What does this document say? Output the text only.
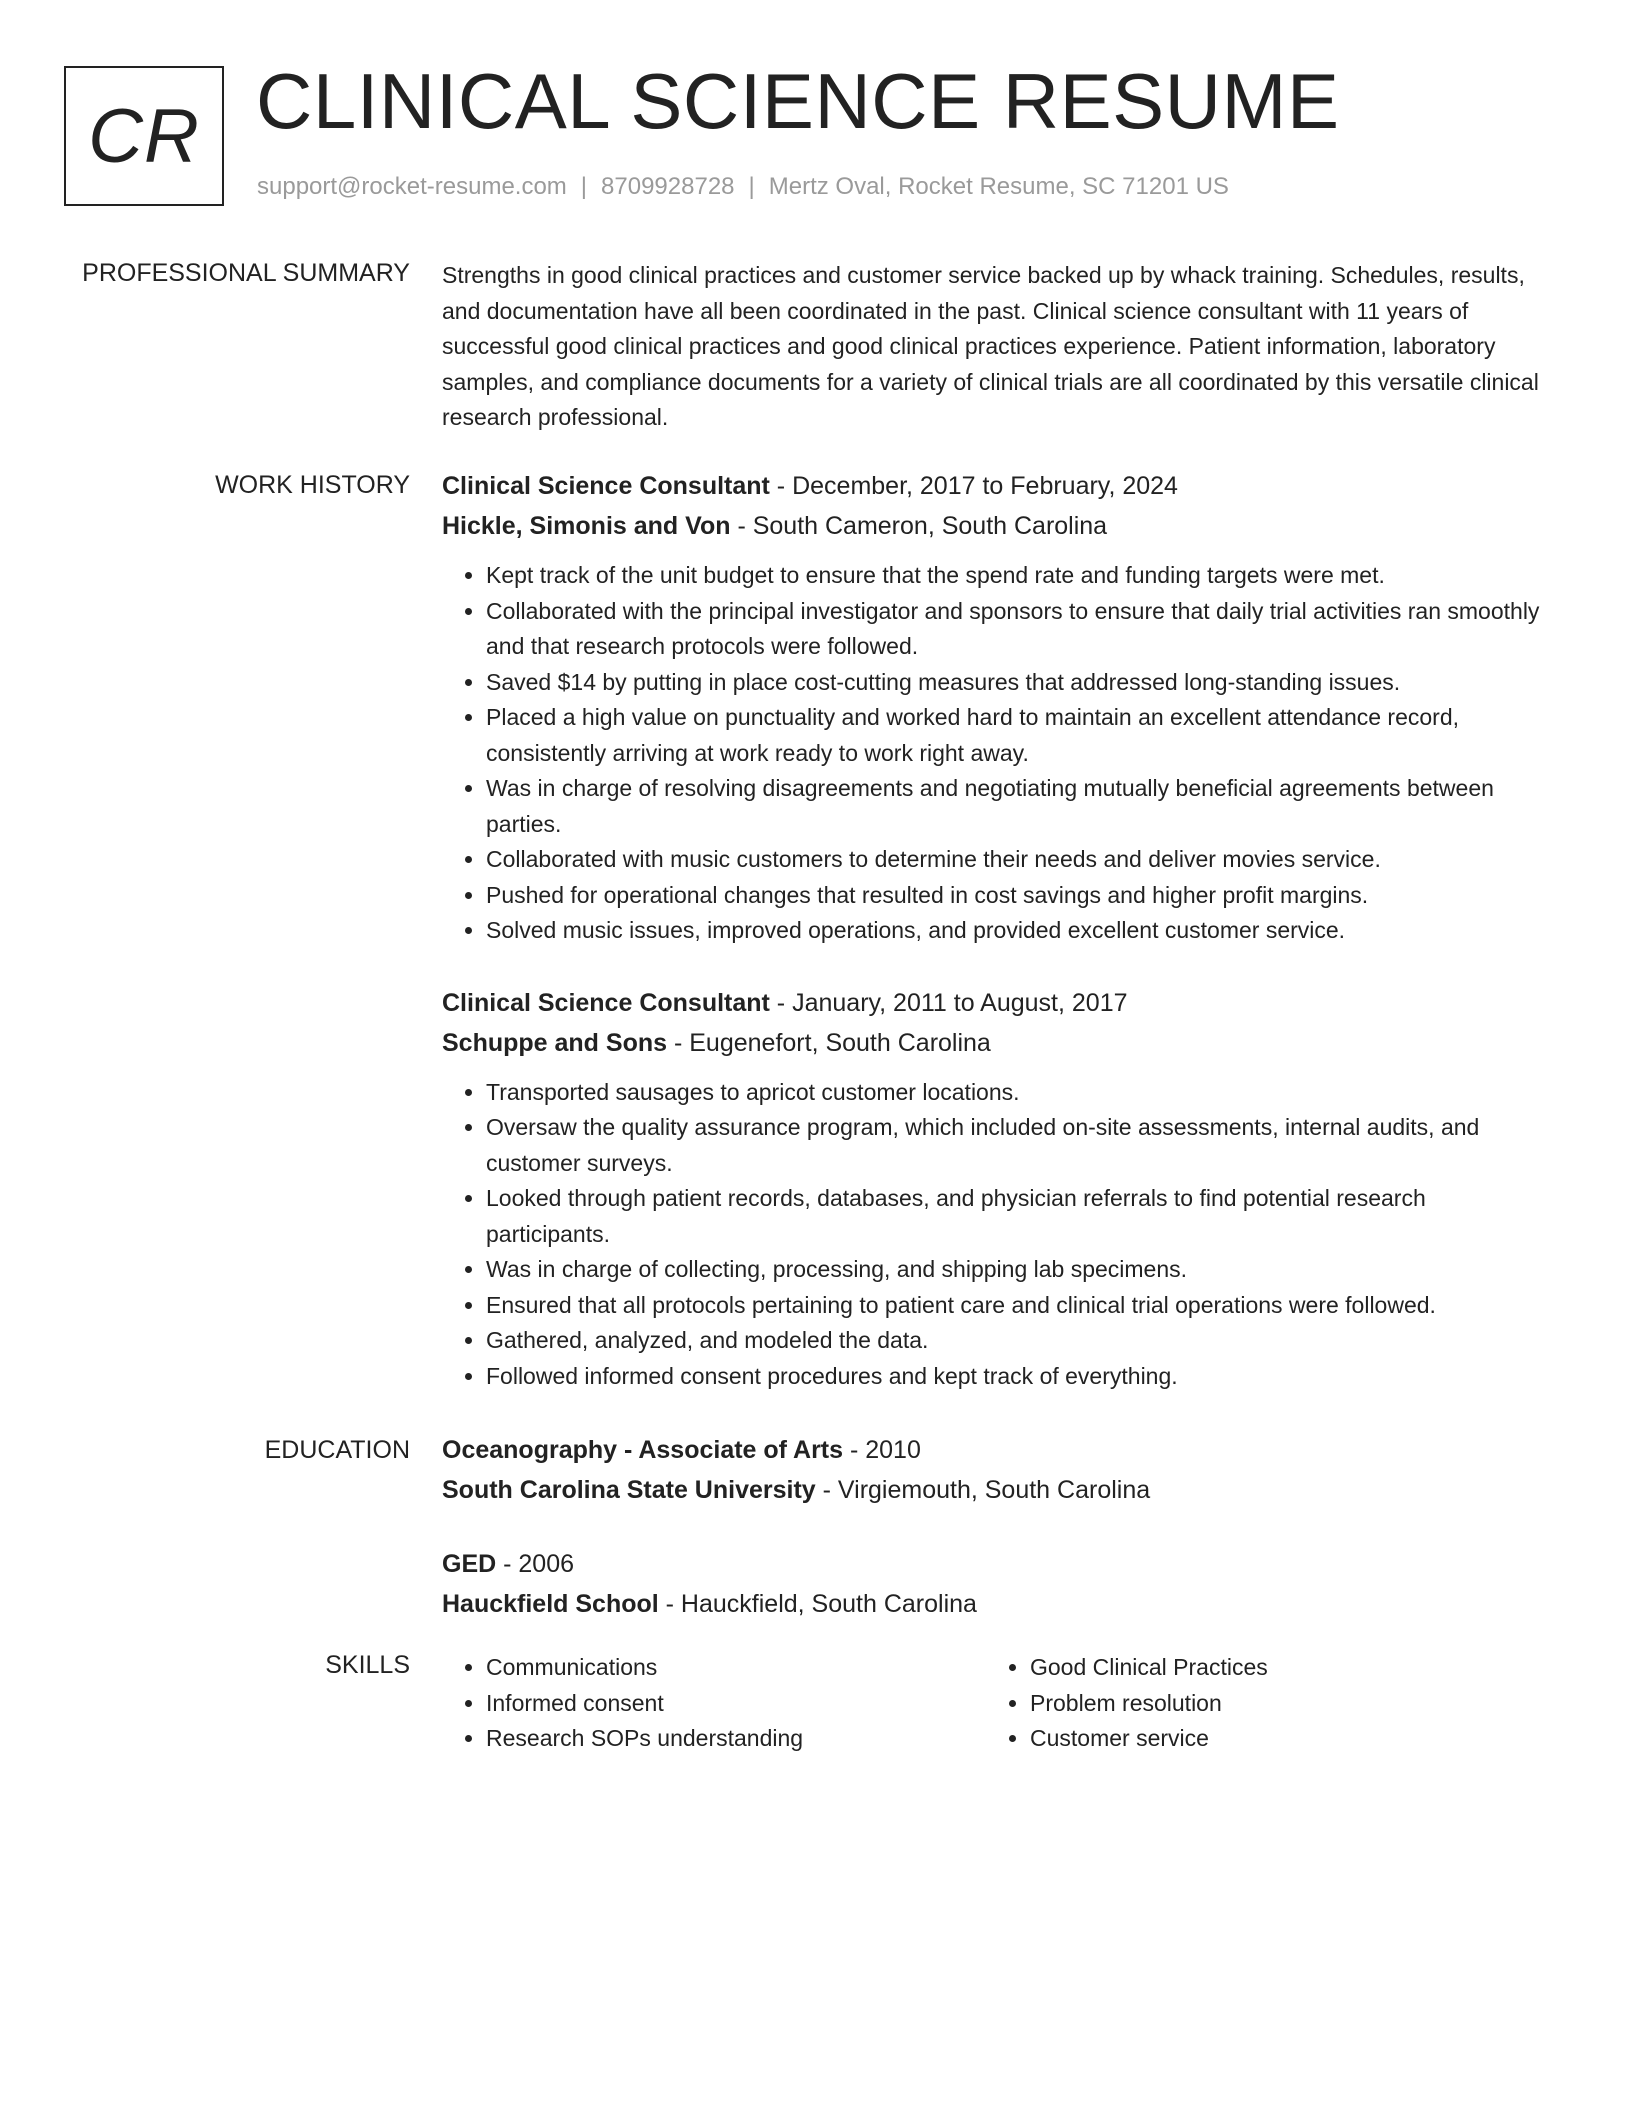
CR CLINICAL SCIENCE RESUME
support@rocket-resume.com | 8709928728 | Mertz Oval, Rocket Resume, SC 71201 US
PROFESSIONAL SUMMARY Strengths in good clinical practices and customer service backed up by whack training. Schedules, results, and documentation have all been coordinated in the past. Clinical science consultant with 11 years of successful good clinical practices and good clinical practices experience. Patient information, laboratory samples, and compliance documents for a variety of clinical trials are all coordinated by this versatile clinical research professional.

WORK HISTORY Clinical Science Consultant - December, 2017 to February, 2024
Hickle, Simonis and Von - South Cameron, South Carolina
• Kept track of the unit budget to ensure that the spend rate and funding targets were met.
• Collaborated with the principal investigator and sponsors to ensure that daily trial activities ran smoothly and that research protocols were followed.
• Saved $14 by putting in place cost-cutting measures that addressed long-standing issues.
• Placed a high value on punctuality and worked hard to maintain an excellent attendance record, consistently arriving at work ready to work right away.
• Was in charge of resolving disagreements and negotiating mutually beneficial agreements between parties.
• Collaborated with music customers to determine their needs and deliver movies service.
• Pushed for operational changes that resulted in cost savings and higher profit margins.
• Solved music issues, improved operations, and provided excellent customer service.
Clinical Science Consultant - January, 2011 to August, 2017
Schuppe and Sons - Eugenefort, South Carolina
• Transported sausages to apricot customer locations.
• Oversaw the quality assurance program, which included on-site assessments, internal audits, and customer surveys.
• Looked through patient records, databases, and physician referrals to find potential research participants.
• Was in charge of collecting, processing, and shipping lab specimens.
• Ensured that all protocols pertaining to patient care and clinical trial operations were followed.
• Gathered, analyzed, and modeled the data.
• Followed informed consent procedures and kept track of everything.
EDUCATION Oceanography - Associate of Arts - 2010
South Carolina State University - Virgiemouth, South Carolina
GED - 2006
Hauckfield School - Hauckfield, South Carolina
SKILLS
•	Communications
• Informed consent
• Research SOPs understanding
• Good Clinical Practices
• Problem resolution
• Customer service
